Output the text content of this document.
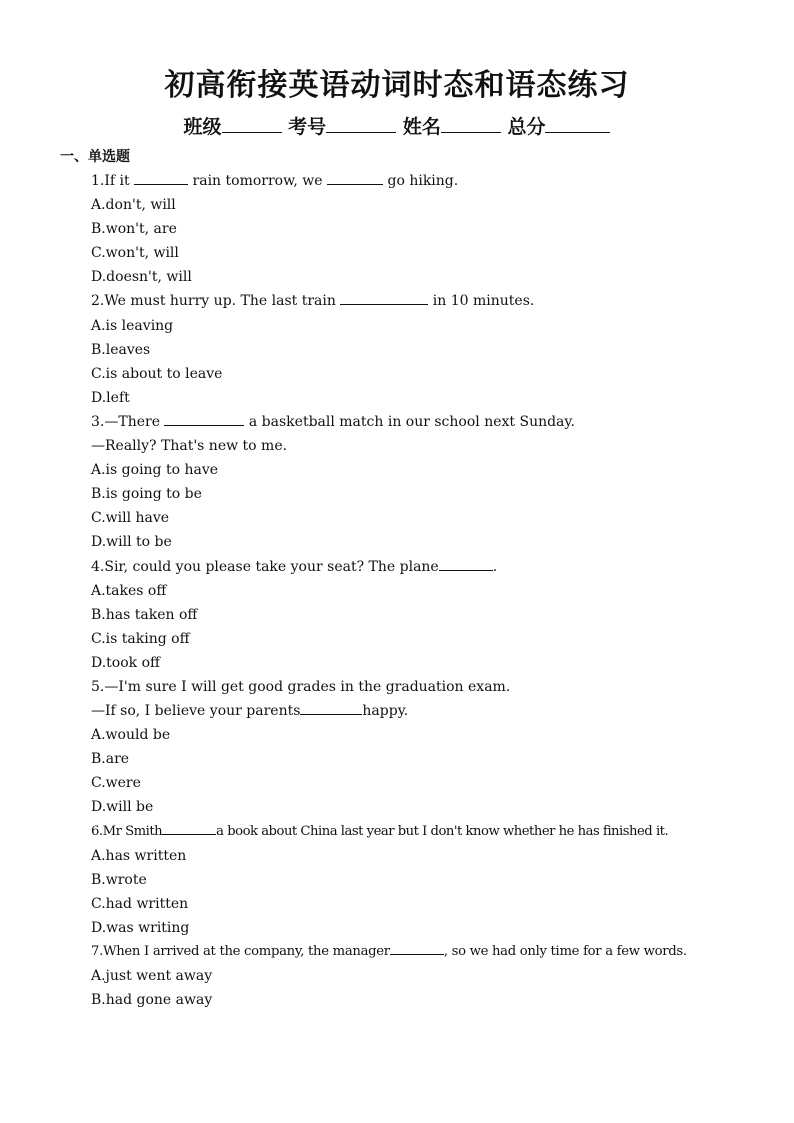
初高衔接英语动词时态和语态练习
班级	考号	姓名	总分
一、单选题
1.If it	rain tomorrow, we	go hiking.
A.don't, will
B.won't, are
C.won't, will
D.doesn't, will
2.We must hurry up. The last train	in 10 minutes.
A.is leaving
B.leaves
C.is about to leave
D.left
3.—There	a basketball match in our school next Sunday.
—Really? That's new to me.
A.is going to have
B.is going to be
C.will have
D.will to be
4.Sir, could you please take your seat? The plane	.
A.takes off
B.has taken off
C.is taking off
D.took off
5.—I'm sure I will get good grades in the graduation exam.
—If so, I believe your parents	happy.
A.would be
B.are
C.were
D.will be
6.Mr Smith	a book about China last year but I don't know whether he has finished it.
A.has written
B.wrote
C.had written
D.was writing
7.When I arrived at the company, the manager	, so we had only time for a few words.
A.just went away
B.had gone away
